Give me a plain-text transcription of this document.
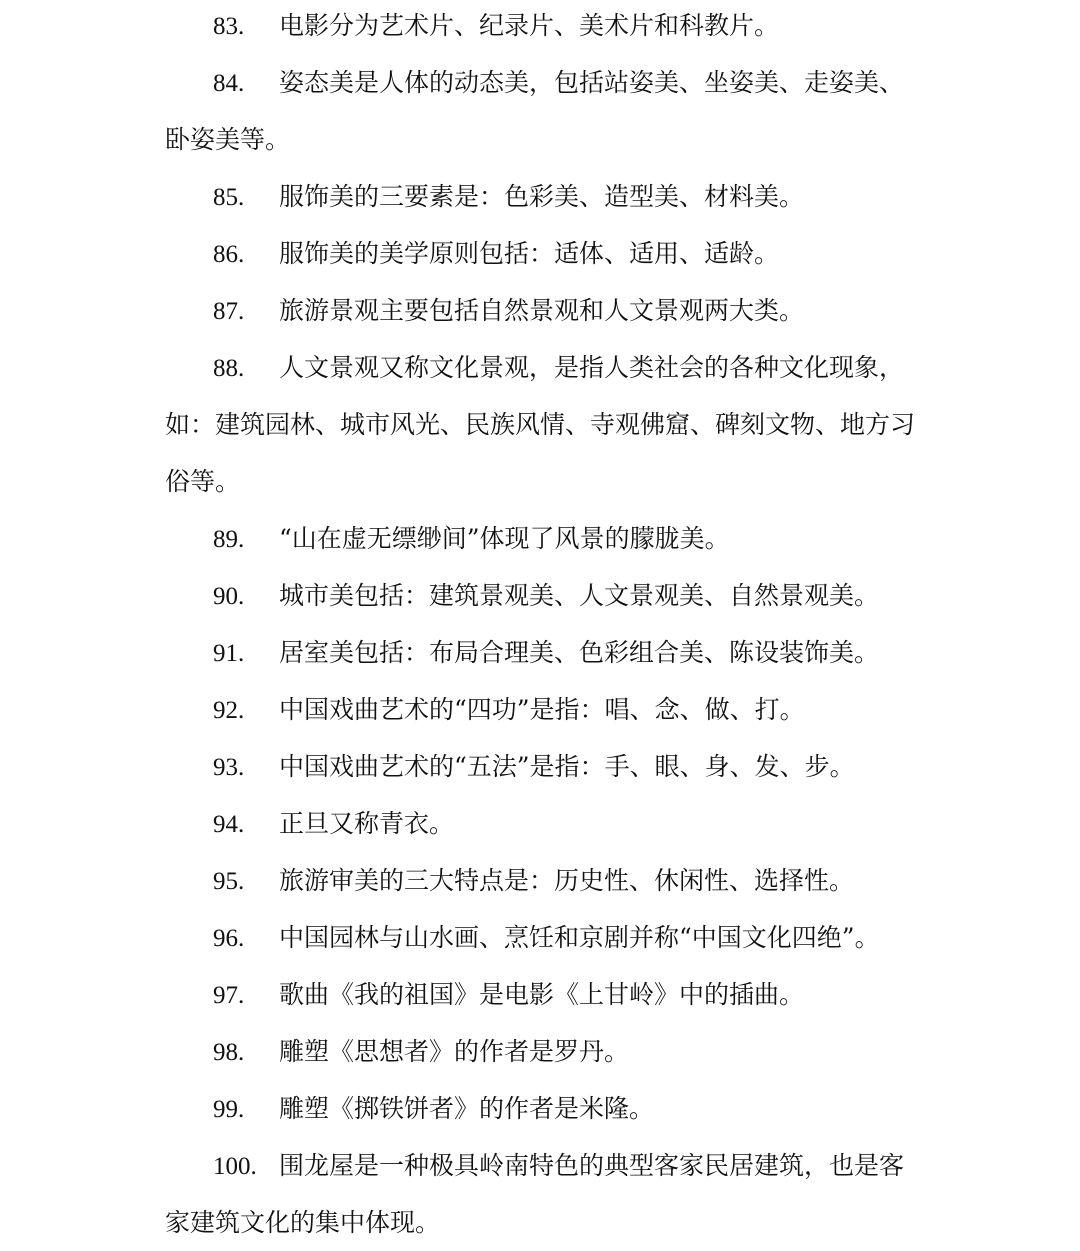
83. 电影分为艺术片、纪录片、美术片和科教片。

84. 姿态美是人体的动态美，包括站姿美、坐姿美、走姿美、
卧姿美等。

85. 服饰美的三要素是：色彩美、造型美、材料美。

86. 服饰美的美学原则包括：适体、适用、适龄。

87. 旅游景观主要包括自然景观和人文景观两大类。

88. 人文景观又称文化景观，是指人类社会的各种文化现象，
如：建筑园林、城市风光、民族风情、寺观佛窟、碑刻文物、地方习
俗等。

89. “山在虚无缥缈间”体现了风景的朦胧美。

90. 城市美包括：建筑景观美、人文景观美、自然景观美。

91. 居室美包括：布局合理美、色彩组合美、陈设装饰美。

92. 中国戏曲艺术的“四功”是指：唱、念、做、打。

93. 中国戏曲艺术的“五法”是指：手、眼、身、发、步。

94. 正旦又称青衣。

95. 旅游审美的三大特点是：历史性、休闲性、选择性。

96. 中国园林与山水画、烹饪和京剧并称“中国文化四绝”。

97. 歌曲《我的祖国》是电影《上甘岭》中的插曲。

98. 雕塑《思想者》的作者是罗丹。

99. 雕塑《掷铁饼者》的作者是米隆。

100. 围龙屋是一种极具岭南特色的典型客家民居建筑，也是客
家建筑文化的集中体现。
